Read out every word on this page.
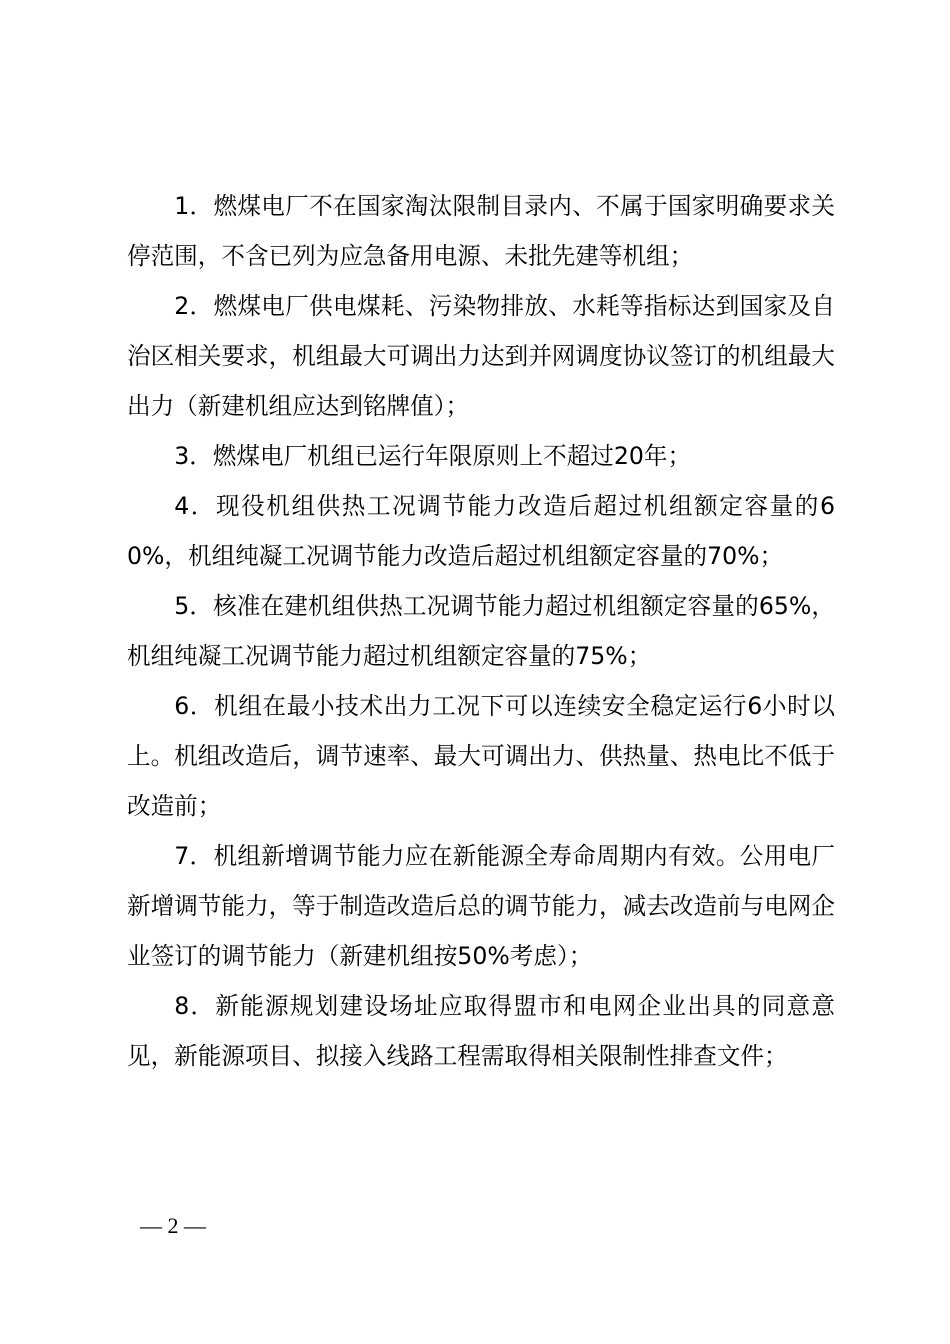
1．燃煤电厂不在国家淘汰限制目录内、不属于国家明确要求关停范围，不含已列为应急备用电源、未批先建等机组；

2．燃煤电厂供电煤耗、污染物排放、水耗等指标达到国家及自治区相关要求，机组最大可调出力达到并网调度协议签订的机组最大出力（新建机组应达到铭牌值）；

3．燃煤电厂机组已运行年限原则上不超过20年；

4．现役机组供热工况调节能力改造后超过机组额定容量的60%，机组纯凝工况调节能力改造后超过机组额定容量的70%；

5．核准在建机组供热工况调节能力超过机组额定容量的65%，机组纯凝工况调节能力超过机组额定容量的75%；

6．机组在最小技术出力工况下可以连续安全稳定运行6小时以上。机组改造后，调节速率、最大可调出力、供热量、热电比不低于改造前；

7．机组新增调节能力应在新能源全寿命周期内有效。公用电厂新增调节能力，等于制造改造后总的调节能力，减去改造前与电网企业签订的调节能力（新建机组按50%考虑）；

8．新能源规划建设场址应取得盟市和电网企业出具的同意意见，新能源项目、拟接入线路工程需取得相关限制性排查文件；

— 2 —
